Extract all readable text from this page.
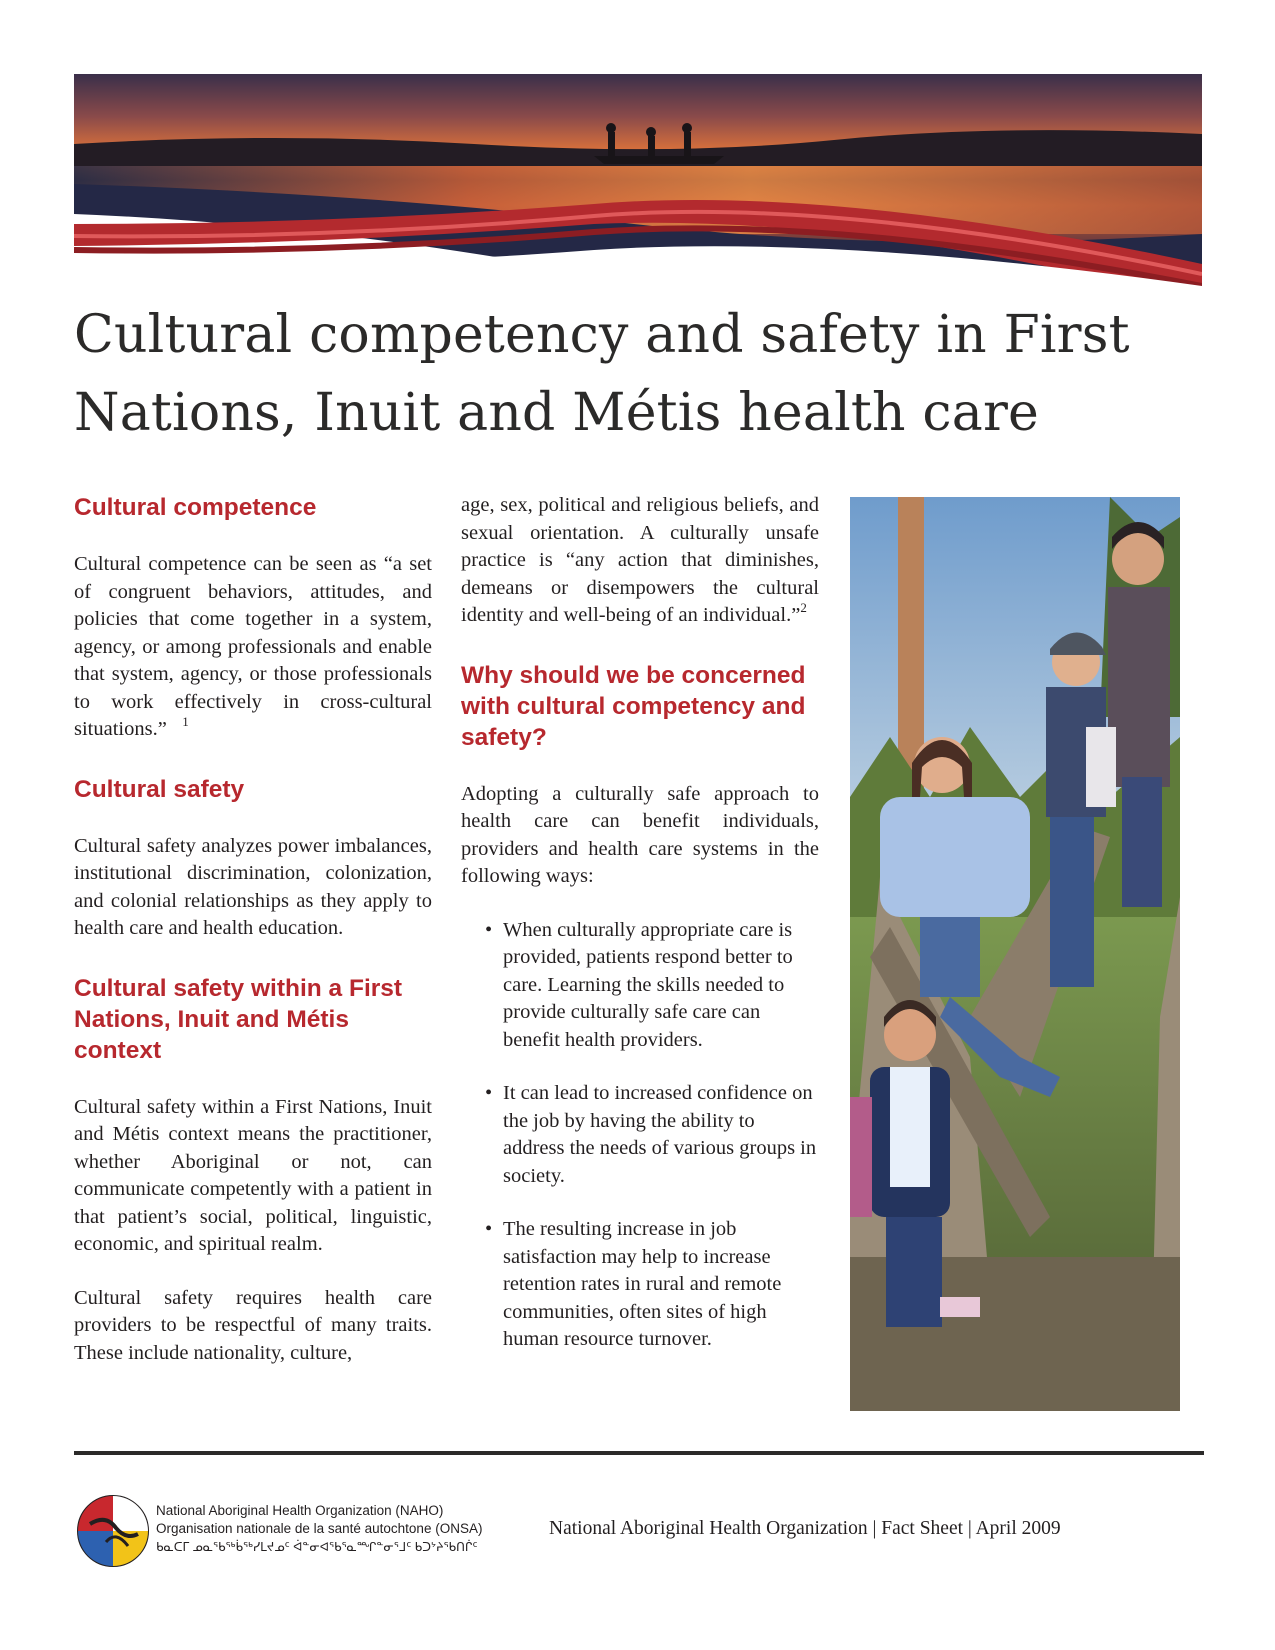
Cultural competency and safety in First
Nations, Inuit and Métis health care
Cultural competence

Cultural competence can be seen as “a set of congruent behaviors, attitudes, and policies that come together in a system, agency, or among professionals and enable that system, agency, or those professionals to work effectively in cross-cultural situations.” $^1$

Cultural safety

Cultural safety analyzes power imbalances, institutional discrimination, colonization, and colonial relationships as they apply to health care and health education.

Cultural safety within a First
Nations, Inuit and Métis
context

Cultural safety within a First Nations, Inuit and Métis context means the practitioner, whether Aboriginal or not, can communicate competently with a patient in that patient’s social, political, linguistic, economic, and spiritual realm.

Cultural safety requires health care providers to be respectful of many traits. These include nationality, culture,

age, sex, political and religious beliefs, and sexual orientation. A culturally unsafe practice is “any action that diminishes, demeans or disempowers the cultural identity and well-being of an individual.”$^2$

Why should we be concerned
with cultural competency and
safety?

Adopting a culturally safe approach to health care can benefit individuals, providers and health care systems in the following ways:

• When culturally appropriate care is provided, patients respond better to care. Learning the skills needed to provide culturally safe care can benefit health providers.
• It can lead to increased confidence on the job by having the ability to address the needs of various groups in society.
• The resulting increase in job satisfaction may help to increase retention rates in rural and remote communities, often sites of high human resource turnover.
National Aboriginal Health Organization (NAHO)
Organisation nationale de la santé autochtone (ONSA)
ᑲᓇᑕᒥ ᓄᓇᖃᖅᑳᖅᓯᒪᔪᓄᑦ ᐋᓐᓂᐊᖃᕐᓇᙱᓐᓂᕐᒧᑦ ᑲᑐᔾᔨᖃᑎᒌᑦ
National Aboriginal Health Organization | Fact Sheet | April 2009
